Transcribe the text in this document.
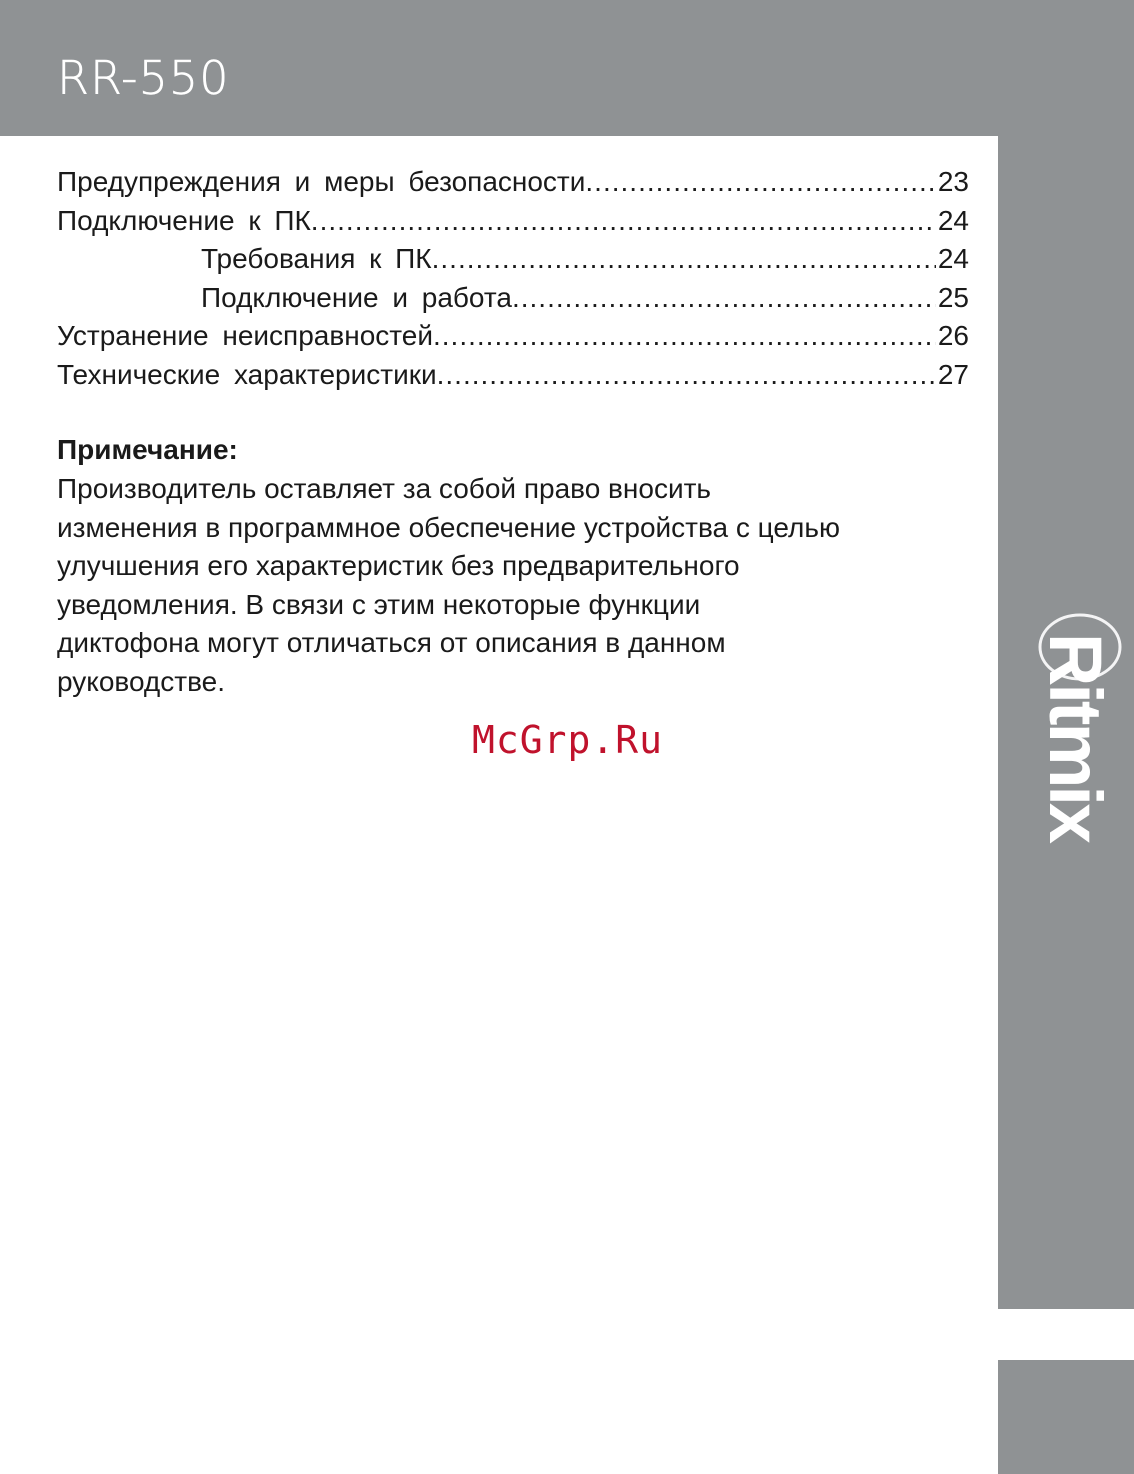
RR-550
Ritmix
Предупреждения и меры безопасности .....	23
Подключение к ПК .....	24
Требования к ПК .....	24
Подключение и работа .....	25
Устранение неисправностей .....	26
Технические характеристики .....	27

Примечание:

Производитель оставляет за собой право вносить
изменения в программное обеспечение устройства с целью
улучшения его характеристик без предварительного
уведомления. В связи с этим некоторые функции
диктофона могут отличаться от описания в данном
руководстве.

McGrp.Ru
